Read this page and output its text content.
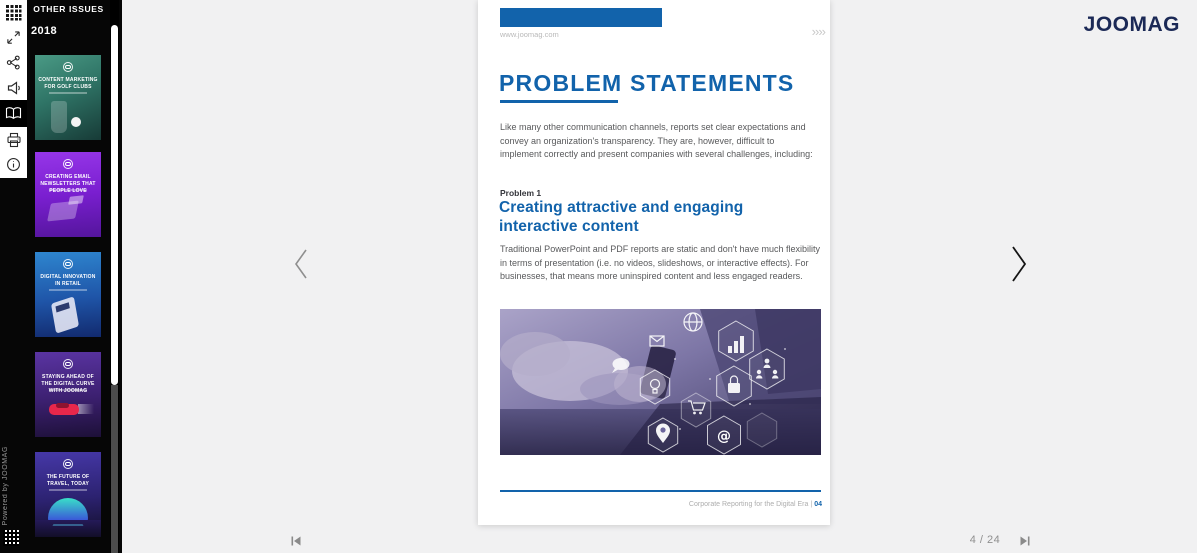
OTHER ISSUES
2018
CONTENT MARKETING FOR GOLF CLUBS
CREATING EMAIL NEWSLETTERS THAT PEOPLE LOVE
DIGITAL INNOVATION IN RETAIL
STAYING AHEAD OF THE DIGITAL CURVE WITH JOOMAG
THE FUTURE OF TRAVEL, TODAY
Powered by JOOMAG
JOOMAG
www.joomag.com	››››
PROBLEM STATEMENTS

Like many other communication channels, reports set clear expectations and convey an organization's transparency. They are, however, difficult to implement correctly and present companies with several challenges, including:

Problem 1
Creating attractive and engaging interactive content

Traditional PowerPoint and PDF reports are static and don't have much flexibility in terms of presentation (i.e. no videos, slideshows, or interactive effects). For businesses, that means more uninspired content and less engaged readers.

@
Corporate Reporting for the Digital Era | 04
4 / 24
